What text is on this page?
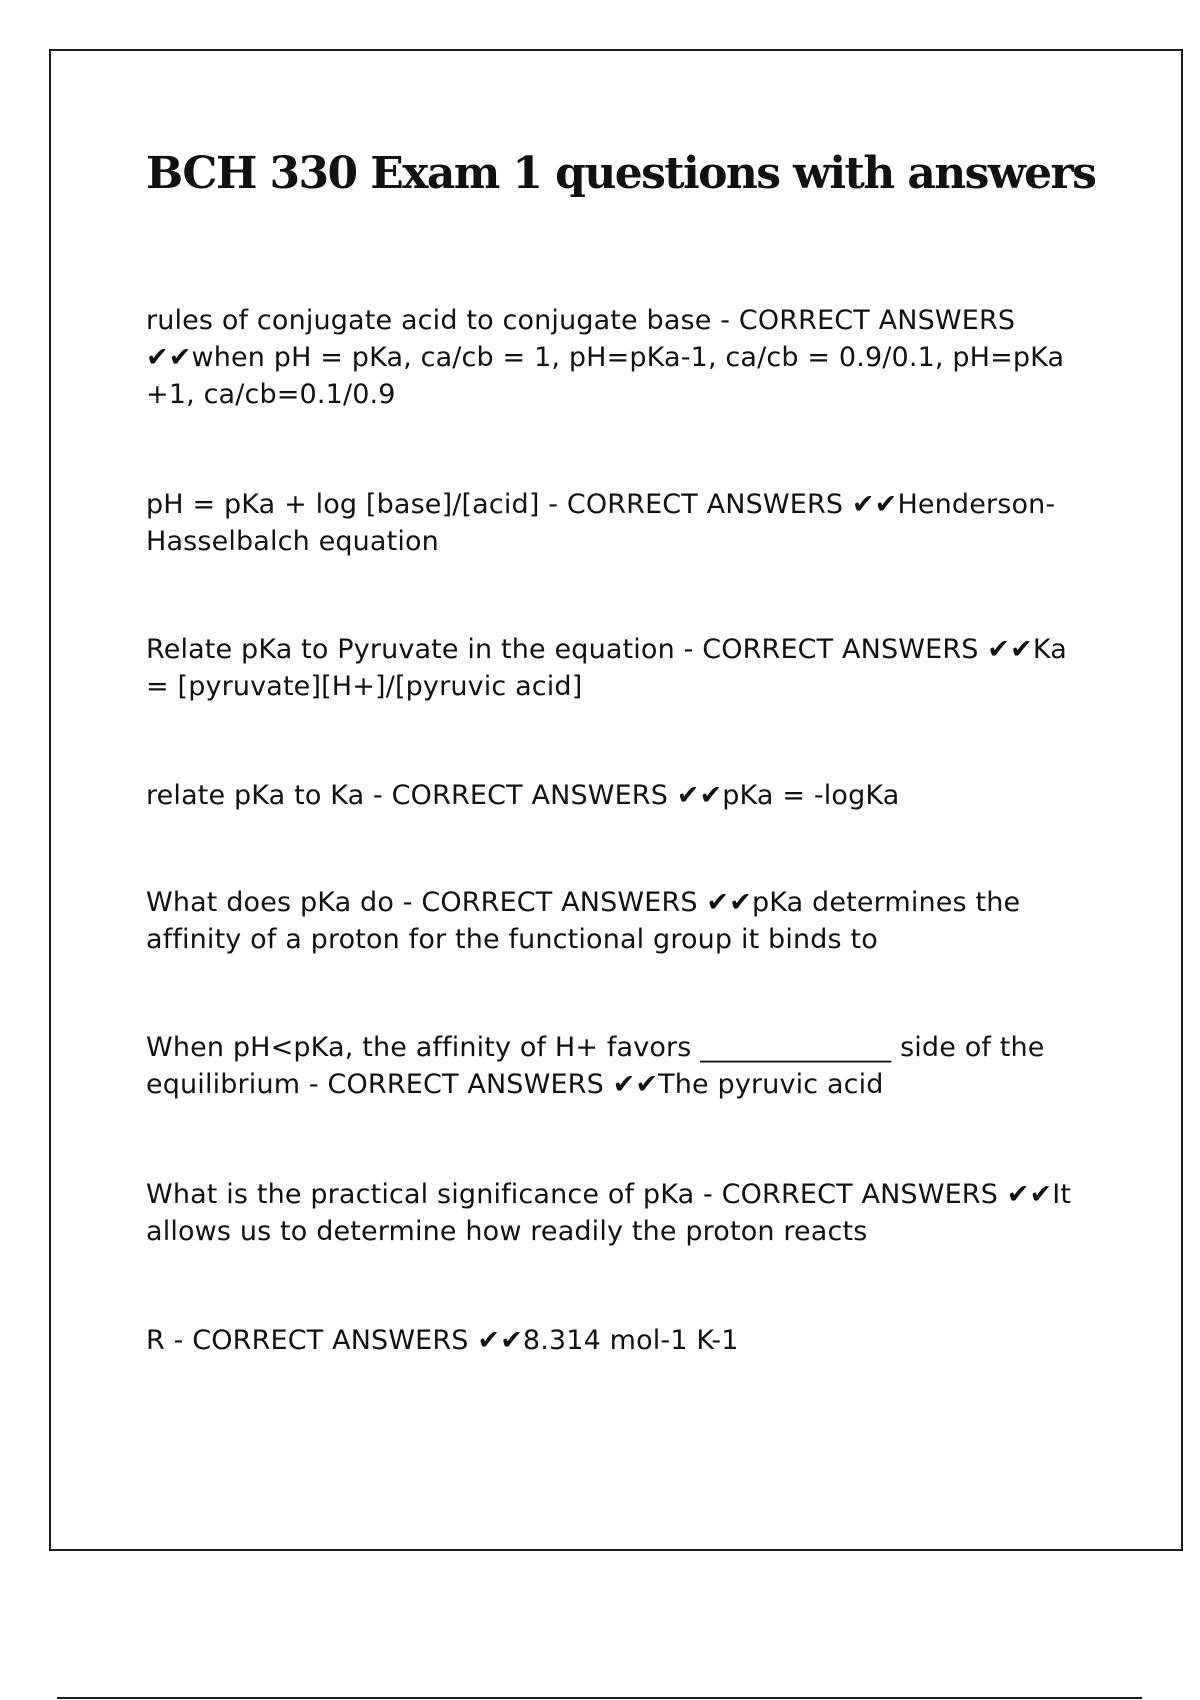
BCH 330 Exam 1 questions with answers

rules of conjugate acid to conjugate base - CORRECT ANSWERS ✔✔when pH = pKa, ca/cb = 1, pH=pKa-1, ca/cb = 0.9/0.1, pH=pKa +1, ca/cb=0.1/0.9

pH = pKa + log [base]/[acid] - CORRECT ANSWERS ✔✔Henderson-Hasselbalch equation

Relate pKa to Pyruvate in the equation - CORRECT ANSWERS ✔✔Ka = [pyruvate][H+]/[pyruvic acid]

relate pKa to Ka - CORRECT ANSWERS ✔✔pKa = -logKa

What does pKa do - CORRECT ANSWERS ✔✔pKa determines the affinity of a proton for the functional group it binds to

When pH<pKa, the affinity of H+ favors ______________ side of the equilibrium - CORRECT ANSWERS ✔✔The pyruvic acid

What is the practical significance of pKa - CORRECT ANSWERS ✔✔It allows us to determine how readily the proton reacts

R - CORRECT ANSWERS ✔✔8.314 mol-1 K-1
